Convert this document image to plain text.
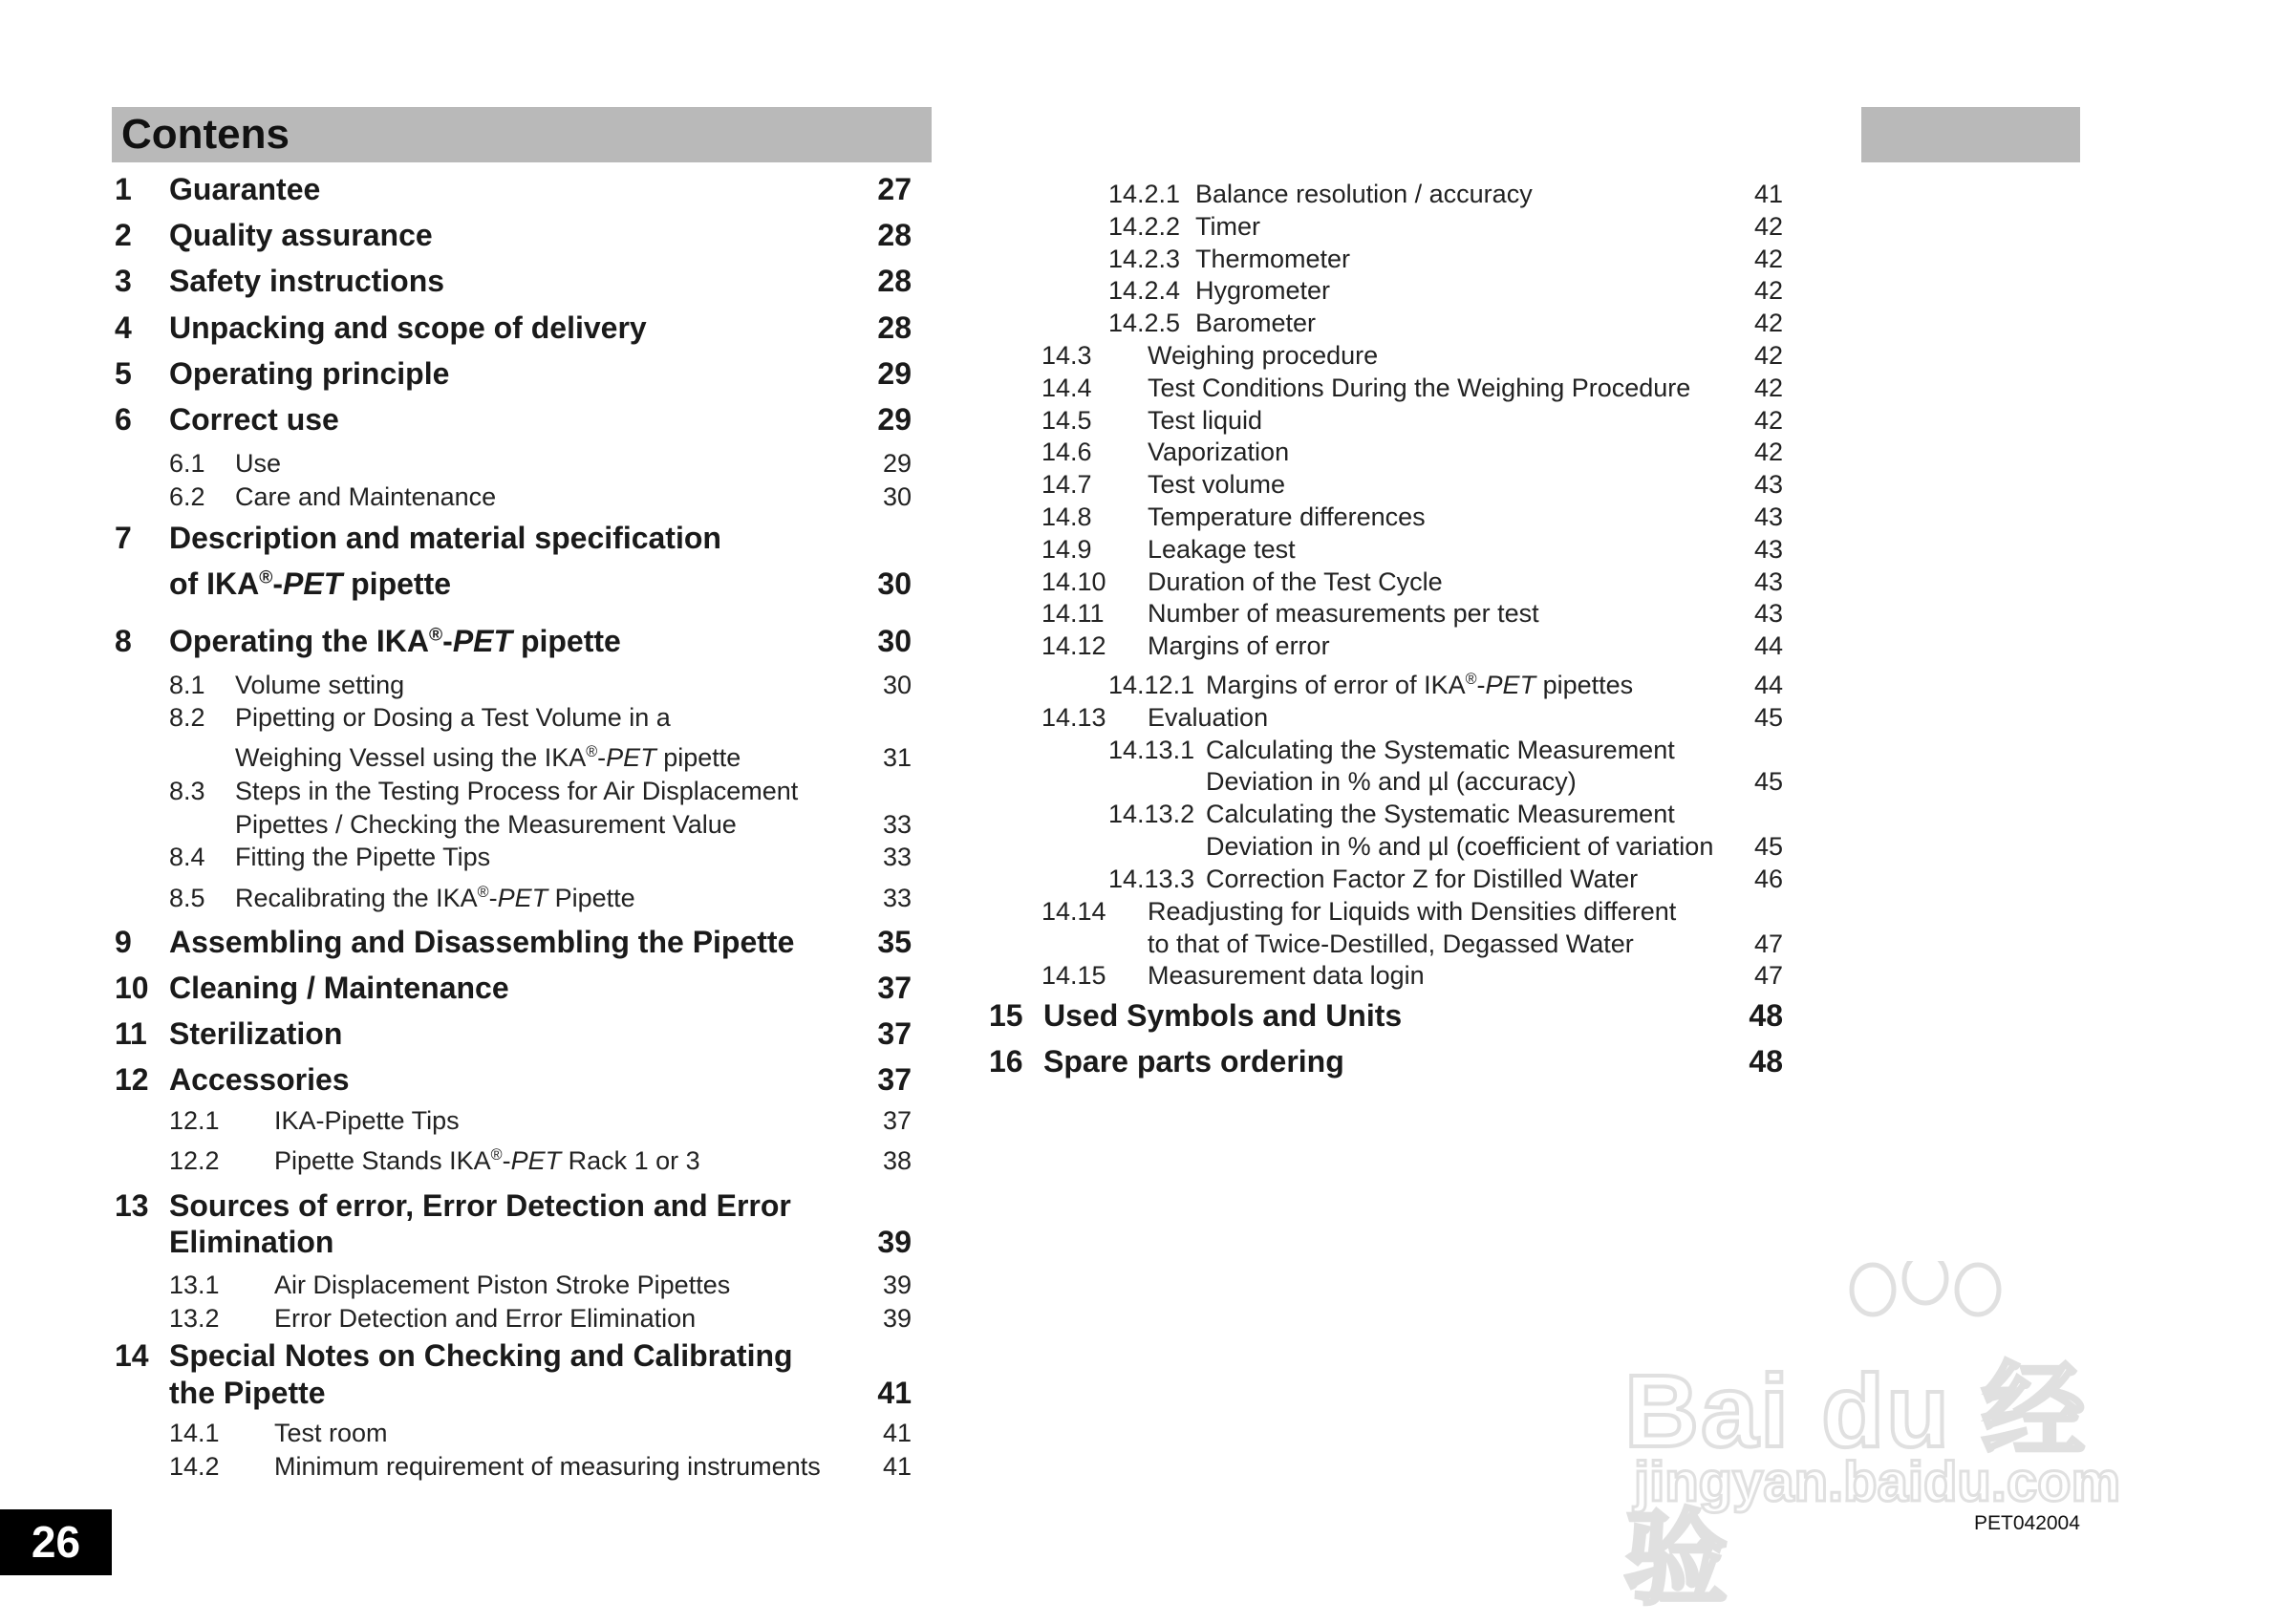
Contens
1 Guarantee	27
2 Quality assurance	28
3 Safety instructions	28
4 Unpacking and scope of delivery	28
5 Operating principle	29
6 Correct use	29
6.1 Use	29
6.2 Care and Maintenance	30
7 Description and material specification
of IKA®-PET pipette	30
8 Operating the IKA®-PET pipette	30
8.1 Volume setting	30
8.2 Pipetting or Dosing a Test Volume in a
Weighing Vessel using the IKA®-PET pipette	31
8.3 Steps in the Testing Process for Air Displacement
Pipettes / Checking the Measurement Value	33
8.4 Fitting the Pipette Tips	33
8.5 Recalibrating the IKA®-PET Pipette	33
9 Assembling and Disassembling the Pipette	35
10 Cleaning / Maintenance	37
11 Sterilization	37
12 Accessories	37
12.1 IKA-Pipette Tips	37
12.2 Pipette Stands IKA®-PET Rack 1 or 3	38
13 Sources of error, Error Detection and Error
Elimination	39
13.1 Air Displacement Piston Stroke Pipettes	39
13.2 Error Detection and Error Elimination	39
14 Special Notes on Checking and Calibrating
the Pipette	41
14.1 Test room	41
14.2 Minimum requirement of measuring instruments	41
14.2.1 Balance resolution / accuracy	41
14.2.2 Timer	42
14.2.3 Thermometer	42
14.2.4 Hygrometer	42
14.2.5 Barometer	42
14.3 Weighing procedure	42
14.4 Test Conditions During the Weighing Procedure	42
14.5 Test liquid	42
14.6 Vaporization	42
14.7 Test volume	43
14.8 Temperature differences	43
14.9 Leakage test	43
14.10 Duration of the Test Cycle	43
14.11 Number of measurements per test	43
14.12 Margins of error	44
14.12.1 Margins of error of IKA®-PET pipettes	44
14.13 Evaluation	45
14.13.1 Calculating the Systematic Measurement
Deviation in % and µl (accuracy)	45
14.13.2 Calculating the Systematic Measurement
Deviation in % and µl (coefficient of variation	45
14.13.3 Correction Factor Z for Distilled Water	46
14.14 Readjusting for Liquids with Densities different
to that of Twice-Destilled, Degassed Water	47
14.15 Measurement data login	47
15 Used Symbols and Units	48
16 Spare parts ordering	48
26	PET042004
Bai du 经验
jingyan.baidu.com
